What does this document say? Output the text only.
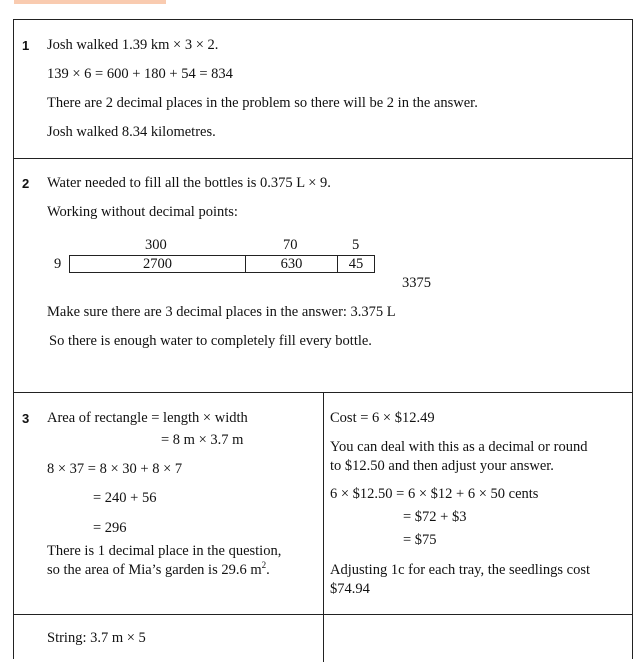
1 Josh walked 1.39 km × 3 × 2.
139 × 6 = 600 + 180 + 54 = 834
There are 2 decimal places in the problem so there will be 2 in the answer.
Josh walked 8.34 kilometres.
2 Water needed to fill all the bottles is 0.375 L × 9.
Working without decimal points:
300	70	5
9	2700	630	45
3375
Make sure there are 3 decimal places in the answer: 3.375 L
So there is enough water to completely fill every bottle.
3 Area of rectangle = length × width
= 8 m × 3.7 m
8 × 37 = 8 × 30 + 8 × 7
= 240 + 56
= 296
There is 1 decimal place in the question,
so the area of Mia’s garden is 29.6 $m^2$.
Cost = 6 × $12.49
You can deal with this as a decimal or round
to $12.50 and then adjust your answer.
6 × $12.50 = 6 × $12 + 6 × 50 cents
= $72 + $3
= $75
Adjusting 1c for each tray, the seedlings cost
$74.94
String: 3.7 m × 5
